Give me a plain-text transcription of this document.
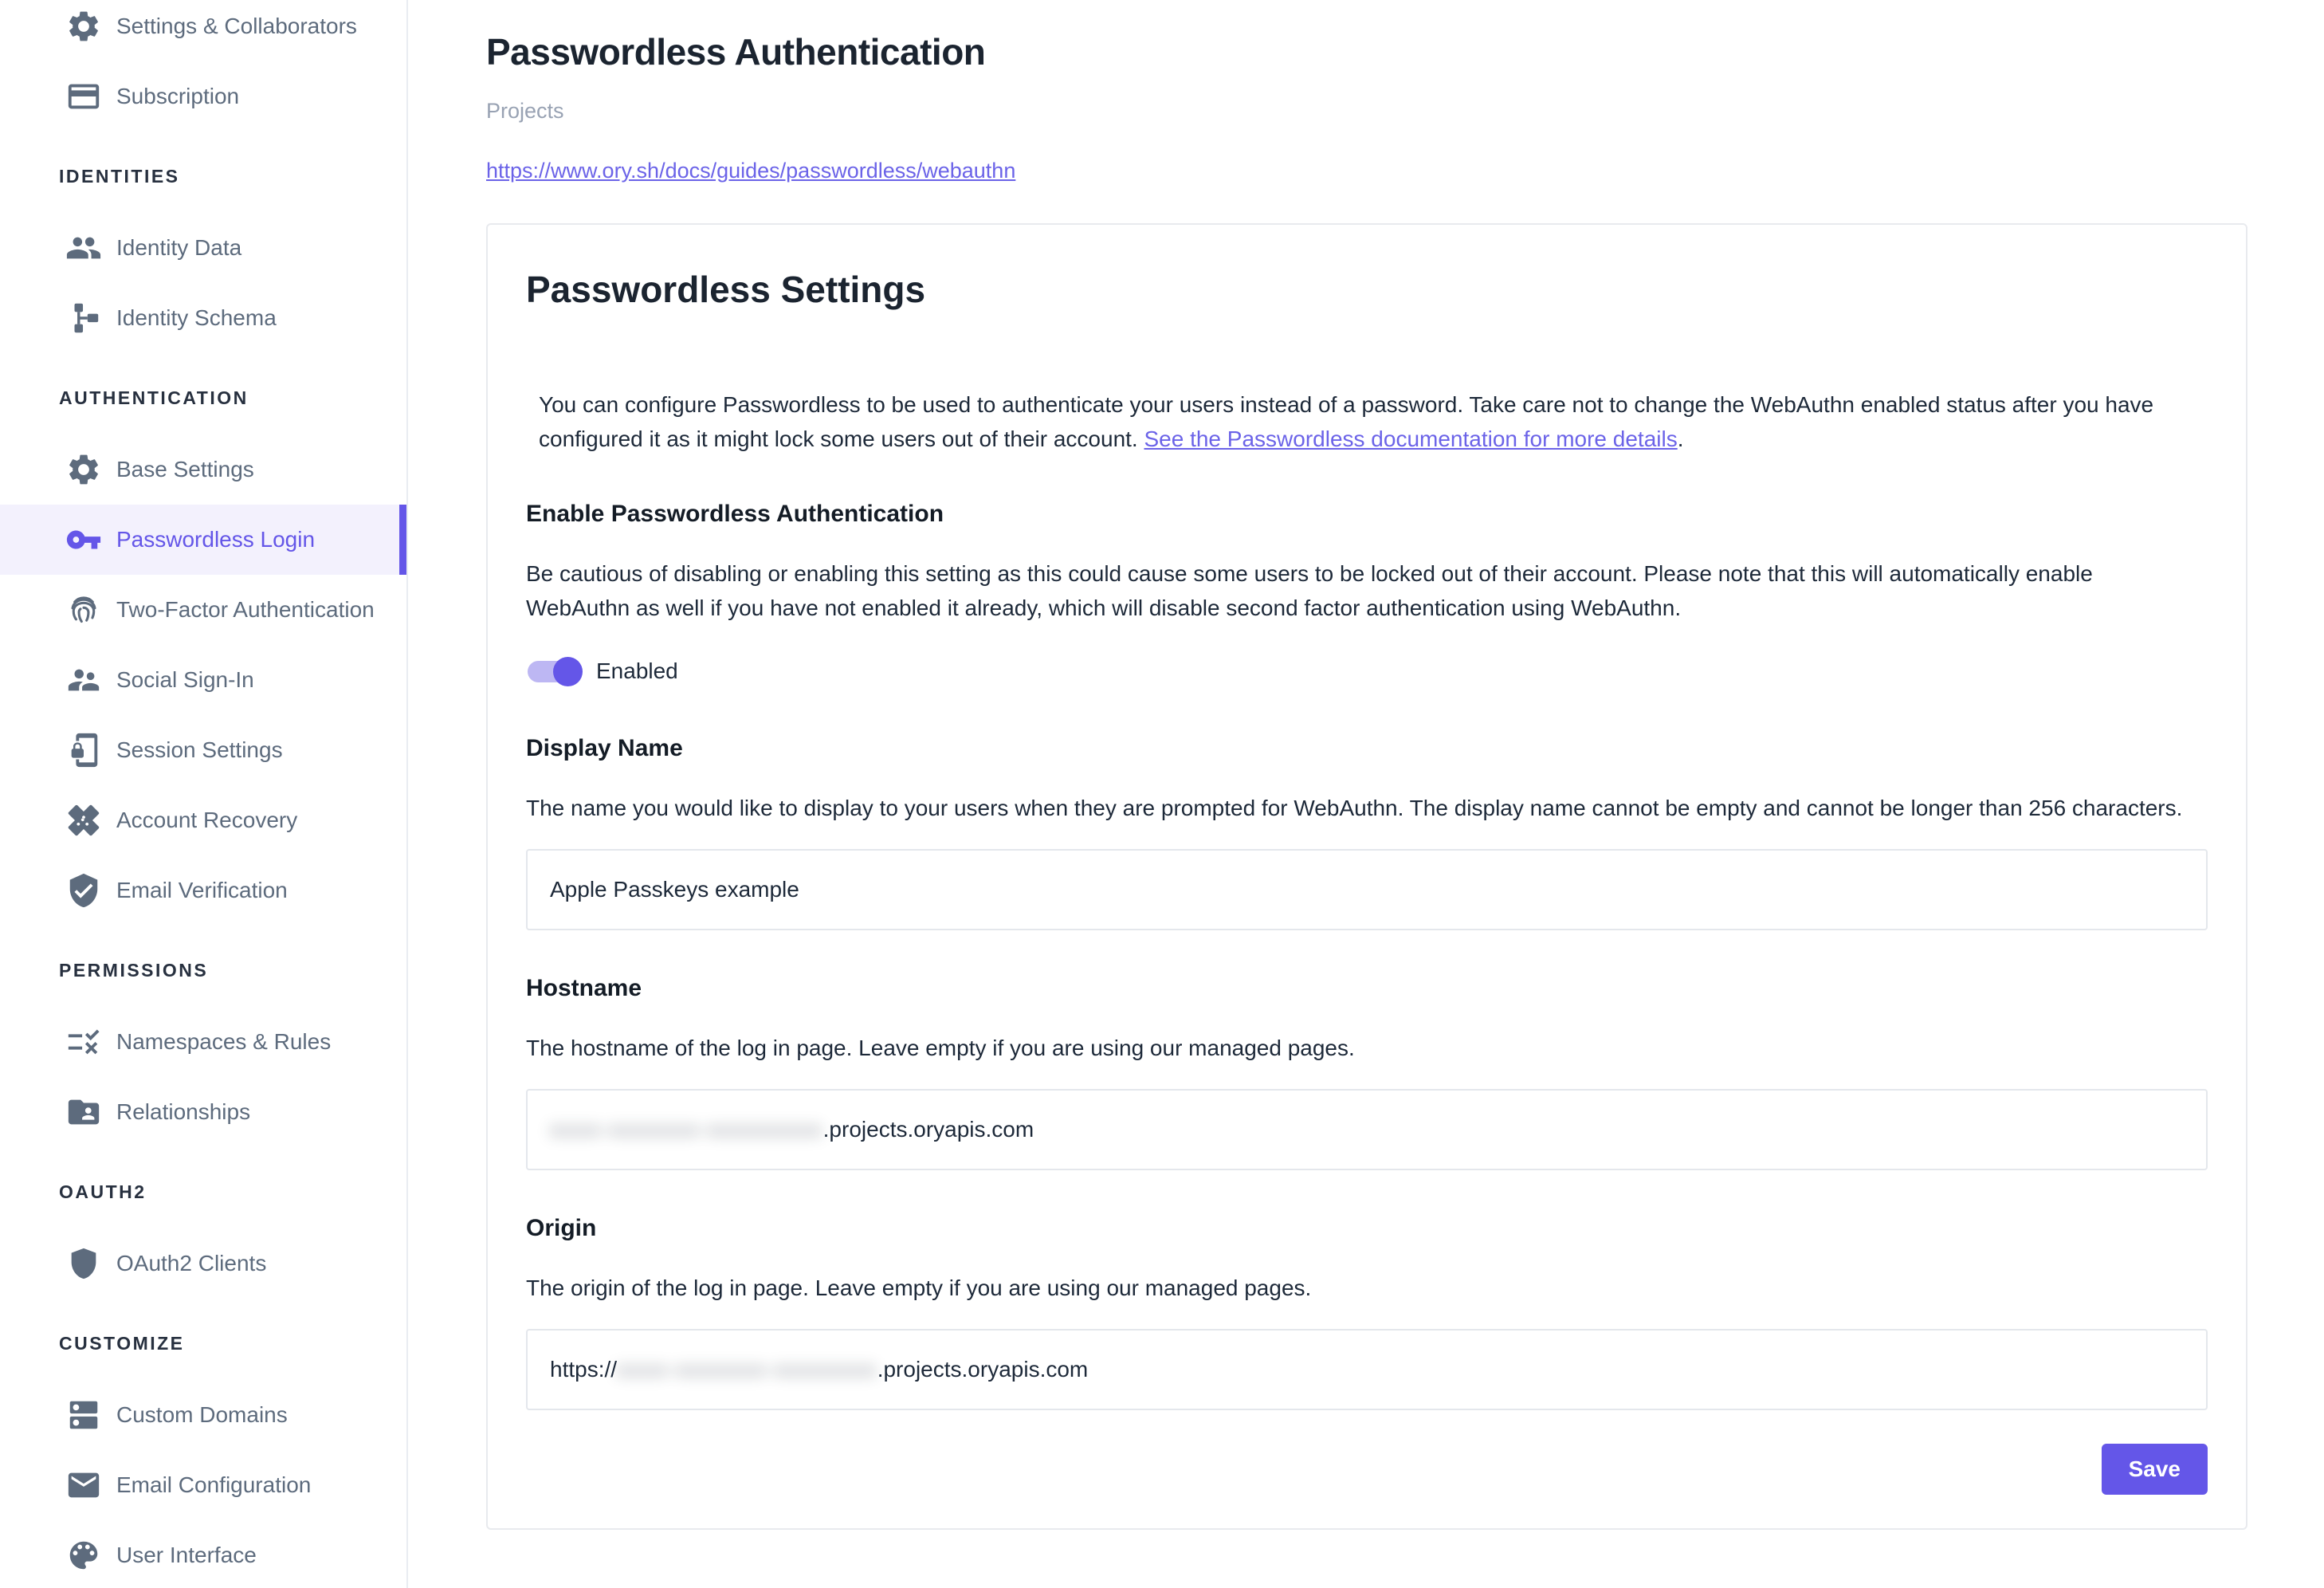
Settings & Collaborators
Subscription
IDENTITIES
Identity Data
Identity Schema
AUTHENTICATION
Base Settings
Passwordless Login
Two-Factor Authentication
Social Sign-In
Session Settings
Account Recovery
Email Verification
PERMISSIONS
Namespaces & Rules
Relationships
OAUTH2
OAuth2 Clients
CUSTOMIZE
Custom Domains
Email Configuration
User Interface
Passwordless Authentication
Projects
https://www.ory.sh/docs/guides/passwordless/webauthn
Passwordless Settings

You can configure Passwordless to be used to authenticate your users instead of a password. Take care not to change the WebAuthn enabled status after you have configured it as it might lock some users out of their account. See the Passwordless documentation for more details.

Enable Passwordless Authentication
Be cautious of disabling or enabling this setting as this could cause some users to be locked out of their account. Please note that this will automatically enable WebAuthn as well if you have not enabled it already, which will disable second factor authentication using WebAuthn.
Enabled
Display Name
The name you would like to display to your users when they are prompted for WebAuthn. The display name cannot be empty and cannot be longer than 256 characters.
Apple Passkeys example
Hostname
The hostname of the log in page. Leave empty if you are using our managed pages.
xxxx-xxxxxxx-xxxxxxxxx .projects.oryapis.com
Origin
The origin of the log in page. Leave empty if you are using our managed pages.
https:// xxxx-xxxxxxx-xxxxxxxx .projects.oryapis.com
Save
